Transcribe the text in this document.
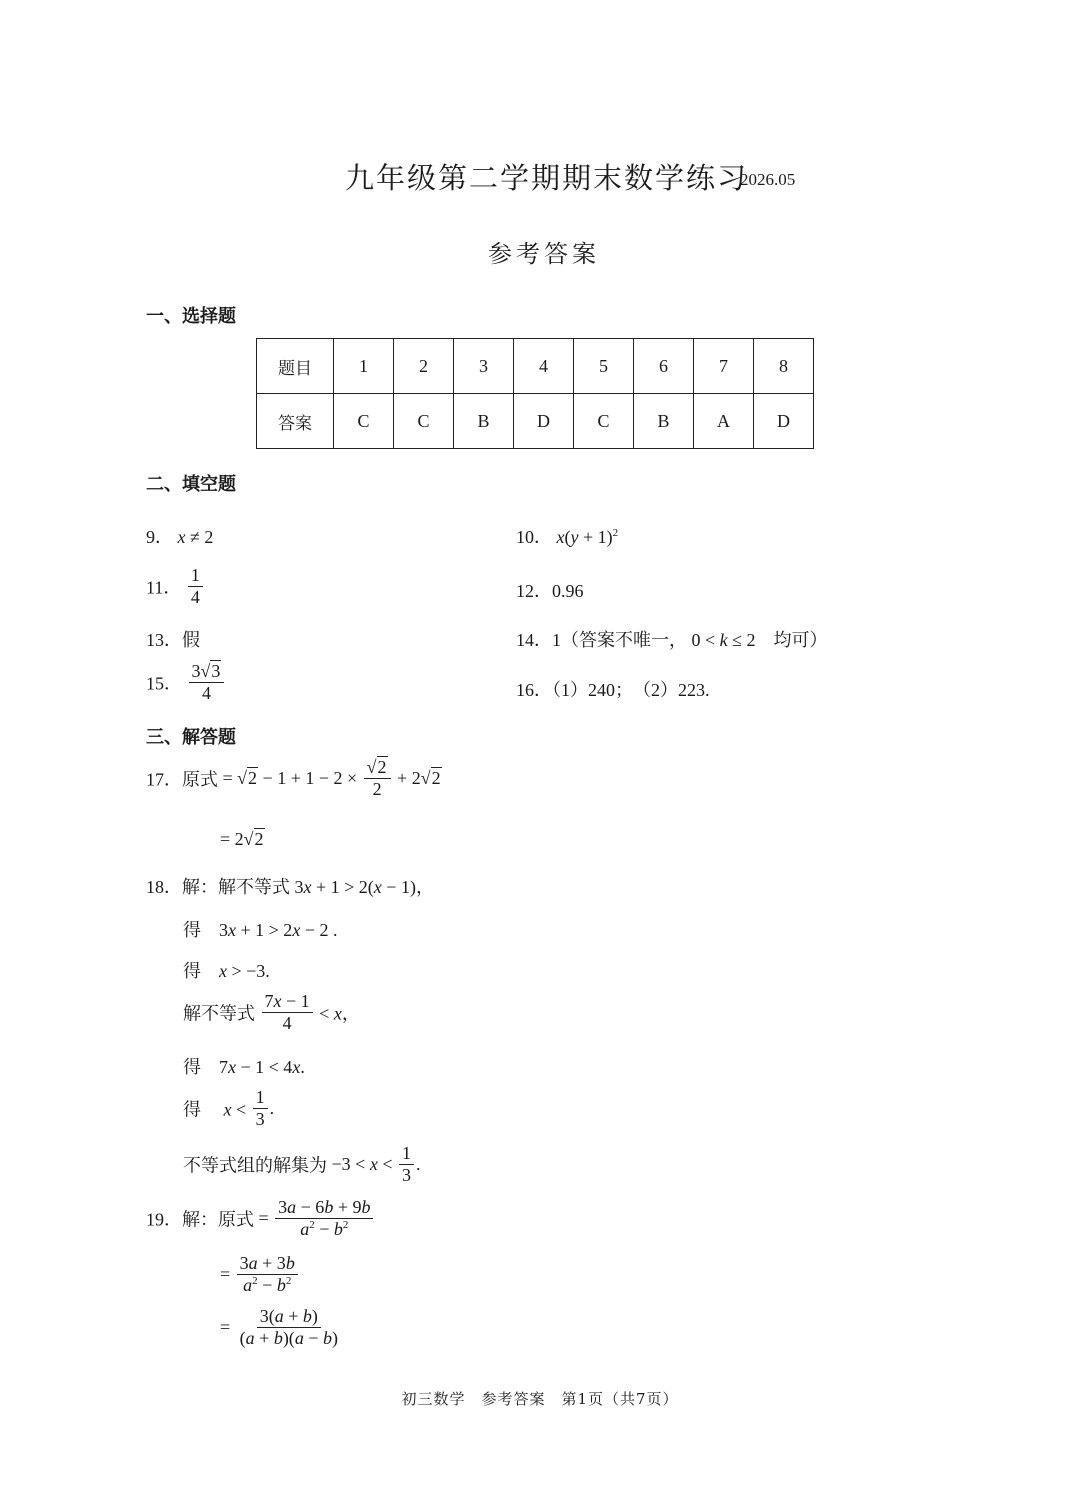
九年级第二学期期末数学练习
2026.05
参考答案
一、选择题
题目	1	2	3	4	5	6	7	8
答案	C	C	B	D	C	B	A	D
二、填空题
9． x ≠ 2	10． $x(y + 1)^2$
11． $\frac{1}{4}$	12．0.96
13．假	14．1（答案不唯一， 0 < k ≤ 2　均可）
15． $\frac{3√3}{4}$	16．（1）240；　（2）223.
三、解答题
17．原式 = $√2 - 1 + 1 - 2 \times \frac{√2}{2} + 2√2$
= 2√2
18．解：解不等式 3x + 1 > 2(x − 1)，
得　3x + 1 > 2x − 2 .
得　 x > −3.
解不等式 $\frac{7x - 1}{4} < x$，
得　7x − 1 < 4x.
得 　 $x < \frac{1}{3}$ .
不等式组的解集为 $-3 < x < \frac{1}{3}$ .
19．解：原式 = $\frac{3a - 6b + 9b}{a^2 - b^2}$
= $\frac{3a + 3b}{a^2 - b^2}$
= $\frac{3(a + b)}{(a + b)(a - b)}$
初三数学　参考答案　第1页（共7页）
